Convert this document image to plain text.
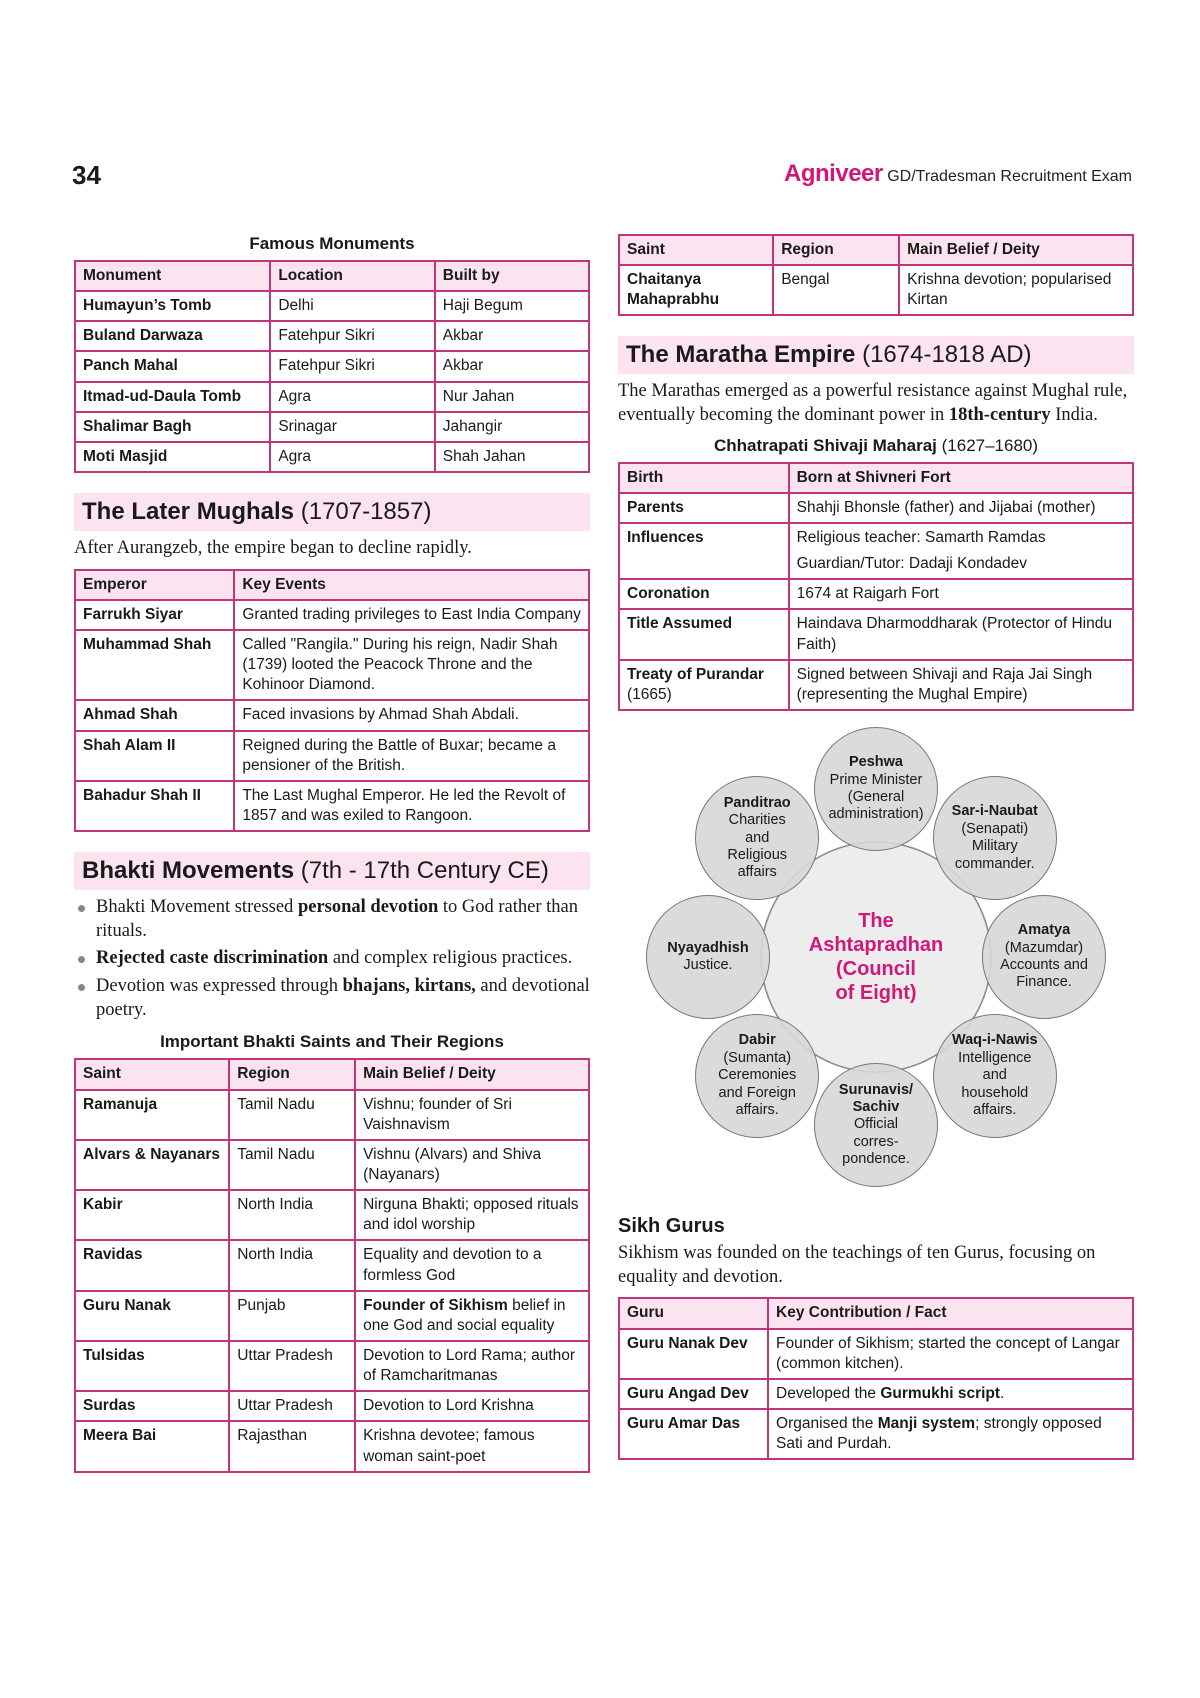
34	Agniveer GD/Tradesman Recruitment Exam
Famous Monuments
Monument	Location	Built by
Humayun’s Tomb	Delhi	Haji Begum
Buland Darwaza	Fatehpur Sikri	Akbar
Panch Mahal	Fatehpur Sikri	Akbar
Itmad-ud-Daula Tomb	Agra	Nur Jahan
Shalimar Bagh	Srinagar	Jahangir
Moti Masjid	Agra	Shah Jahan
The Later Mughals (1707-1857)

After Aurangzeb, the empire began to decline rapidly.

Emperor	Key Events
Farrukh Siyar	Granted trading privileges to East India Company
Muhammad Shah	Called "Rangila." During his reign, Nadir Shah (1739) looted the Peacock Throne and the Kohinoor Diamond.
Ahmad Shah	Faced invasions by Ahmad Shah Abdali.
Shah Alam II	Reigned during the Battle of Buxar; became a pensioner of the British.
Bahadur Shah II	The Last Mughal Emperor. He led the Revolt of 1857 and was exiled to Rangoon.
Bhakti Movements (7th - 17th Century CE)
Bhakti Movement stressed personal devotion to God rather than rituals.
Rejected caste discrimination and complex religious practices.
Devotion was expressed through bhajans, kirtans, and devotional poetry.
Important Bhakti Saints and Their Regions
Saint	Region	Main Belief / Deity
Ramanuja	Tamil Nadu	Vishnu; founder of Sri Vaishnavism
Alvars & Nayanars	Tamil Nadu	Vishnu (Alvars) and Shiva (Nayanars)
Kabir	North India	Nirguna Bhakti; opposed rituals and idol worship
Ravidas	North India	Equality and devotion to a formless God
Guru Nanak	Punjab	Founder of Sikhism belief in one God and social equality
Tulsidas	Uttar Pradesh	Devotion to Lord Rama; author of Ramcharitmanas
Surdas	Uttar Pradesh	Devotion to Lord Krishna
Meera Bai	Rajasthan	Krishna devotee; famous woman saint-poet
Saint	Region	Main Belief / Deity
Chaitanya Mahaprabhu	Bengal	Krishna devotion; popularised Kirtan
The Maratha Empire (1674-1818 AD)

The Marathas emerged as a powerful resistance against Mughal rule, eventually becoming the dominant power in 18th-century India.

Chhatrapati Shivaji Maharaj (1627–1680)
Birth	Born at Shivneri Fort
Parents	Shahji Bhonsle (father) and Jijabai (mother)
Influences	Religious teacher: Samarth Ramdas
Guardian/Tutor: Dadaji Kondadev

Coronation	1674 at Raigarh Fort
Title Assumed	Haindava Dharmoddharak (Protector of Hindu Faith)
Treaty of Purandar (1665)	Signed between Shivaji and Raja Jai Singh (representing the Mughal Empire)
The
Ashtapradhan
(Council
of Eight)
Peshwa
Prime Minister
(General
administration) Sar-i-Naubat
(Senapati)
Military
commander.
Amatya
(Mazumdar)
Accounts and
Finance.
Waq-i-Nawis
Intelligence
and
household
affairs.
Surunavis/ Sachiv
Official
corres-
pondence.
Dabir
(Sumanta)
Ceremonies
and Foreign
affairs.
Nyayadhish
Justice.
Panditrao
Charities
and
Religious
affairs
Sikh Gurus

Sikhism was founded on the teachings of ten Gurus, focusing on equality and devotion.

Guru	Key Contribution / Fact
Guru Nanak Dev	Founder of Sikhism; started the concept of Langar (common kitchen).
Guru Angad Dev	Developed the Gurmukhi script.
Guru Amar Das	Organised the Manji system; strongly opposed Sati and Purdah.
